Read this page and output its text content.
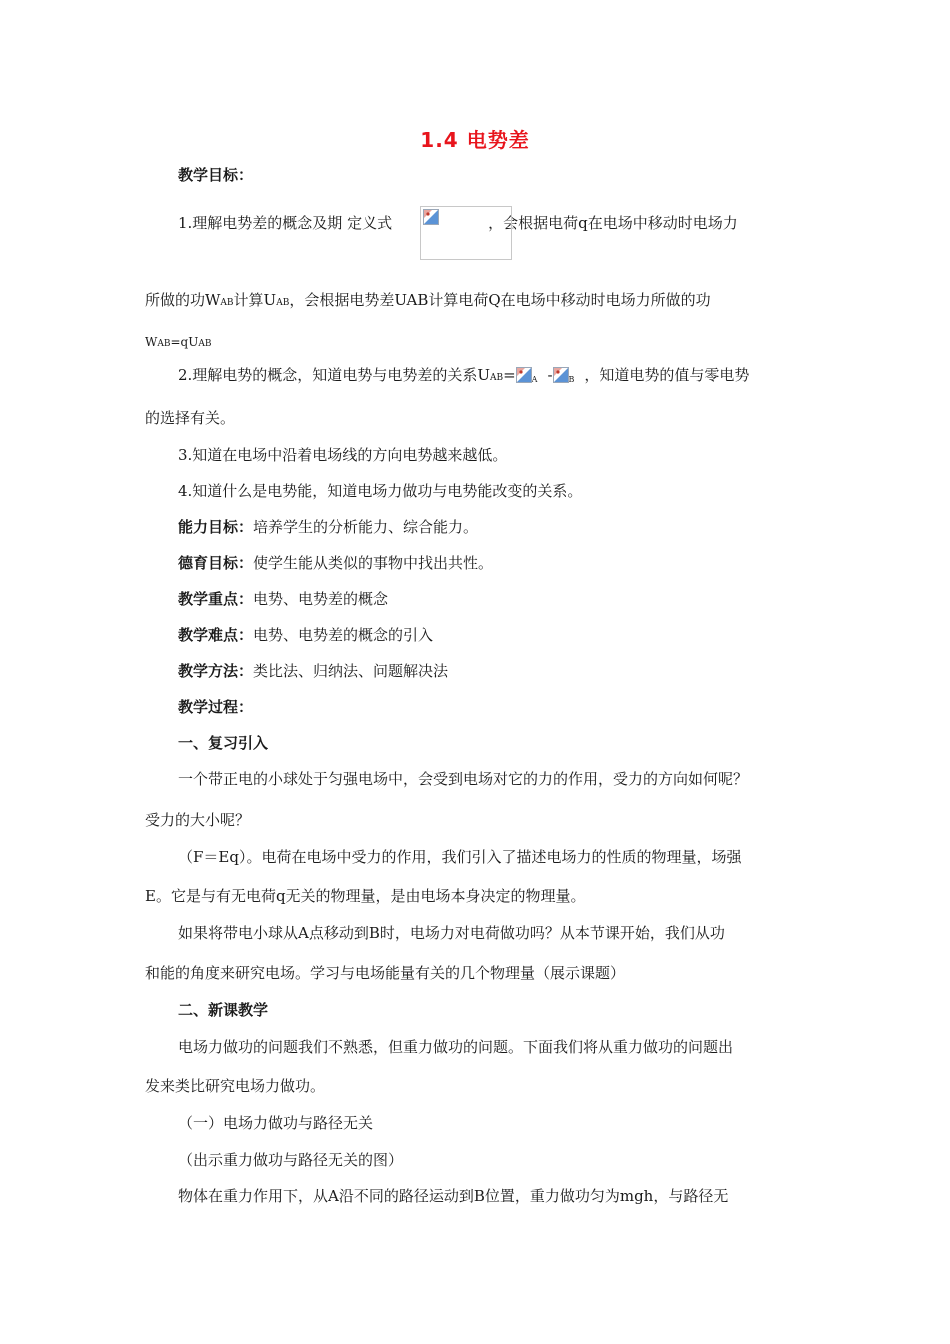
1.4 电势差
教学目标：
1.理解电势差的概念及期 定义式	，会根据电荷q在电场中移动时电场力
所做的功WAB计算UAB，会根据电势差UAB计算电荷Q在电场中移动时电场力所做的功
WAB=qUAB
2.理解电势的概念，知道电势与电势差的关系UAB= A - B ，知道电势的值与零电势
的选择有关。
3.知道在电场中沿着电场线的方向电势越来越低。
4.知道什么是电势能，知道电场力做功与电势能改变的关系。
能力目标：培养学生的分析能力、综合能力。
德育目标：使学生能从类似的事物中找出共性。
教学重点：电势、电势差的概念
教学难点：电势、电势差的概念的引入
教学方法：类比法、归纳法、问题解决法
教学过程：
一、复习引入
一个带正电的小球处于匀强电场中，会受到电场对它的力的作用，受力的方向如何呢？
受力的大小呢？
（F＝Eq）。电荷在电场中受力的作用，我们引入了描述电场力的性质的物理量，场强
E。它是与有无电荷q无关的物理量，是由电场本身决定的物理量。
如果将带电小球从A点移动到B时，电场力对电荷做功吗？从本节课开始，我们从功
和能的角度来研究电场。学习与电场能量有关的几个物理量（展示课题）
二、新课教学
电场力做功的问题我们不熟悉，但重力做功的问题。下面我们将从重力做功的问题出
发来类比研究电场力做功。
（一）电场力做功与路径无关
（出示重力做功与路径无关的图）
物体在重力作用下，从A沿不同的路径运动到B位置，重力做功匀为mgh，与路径无
